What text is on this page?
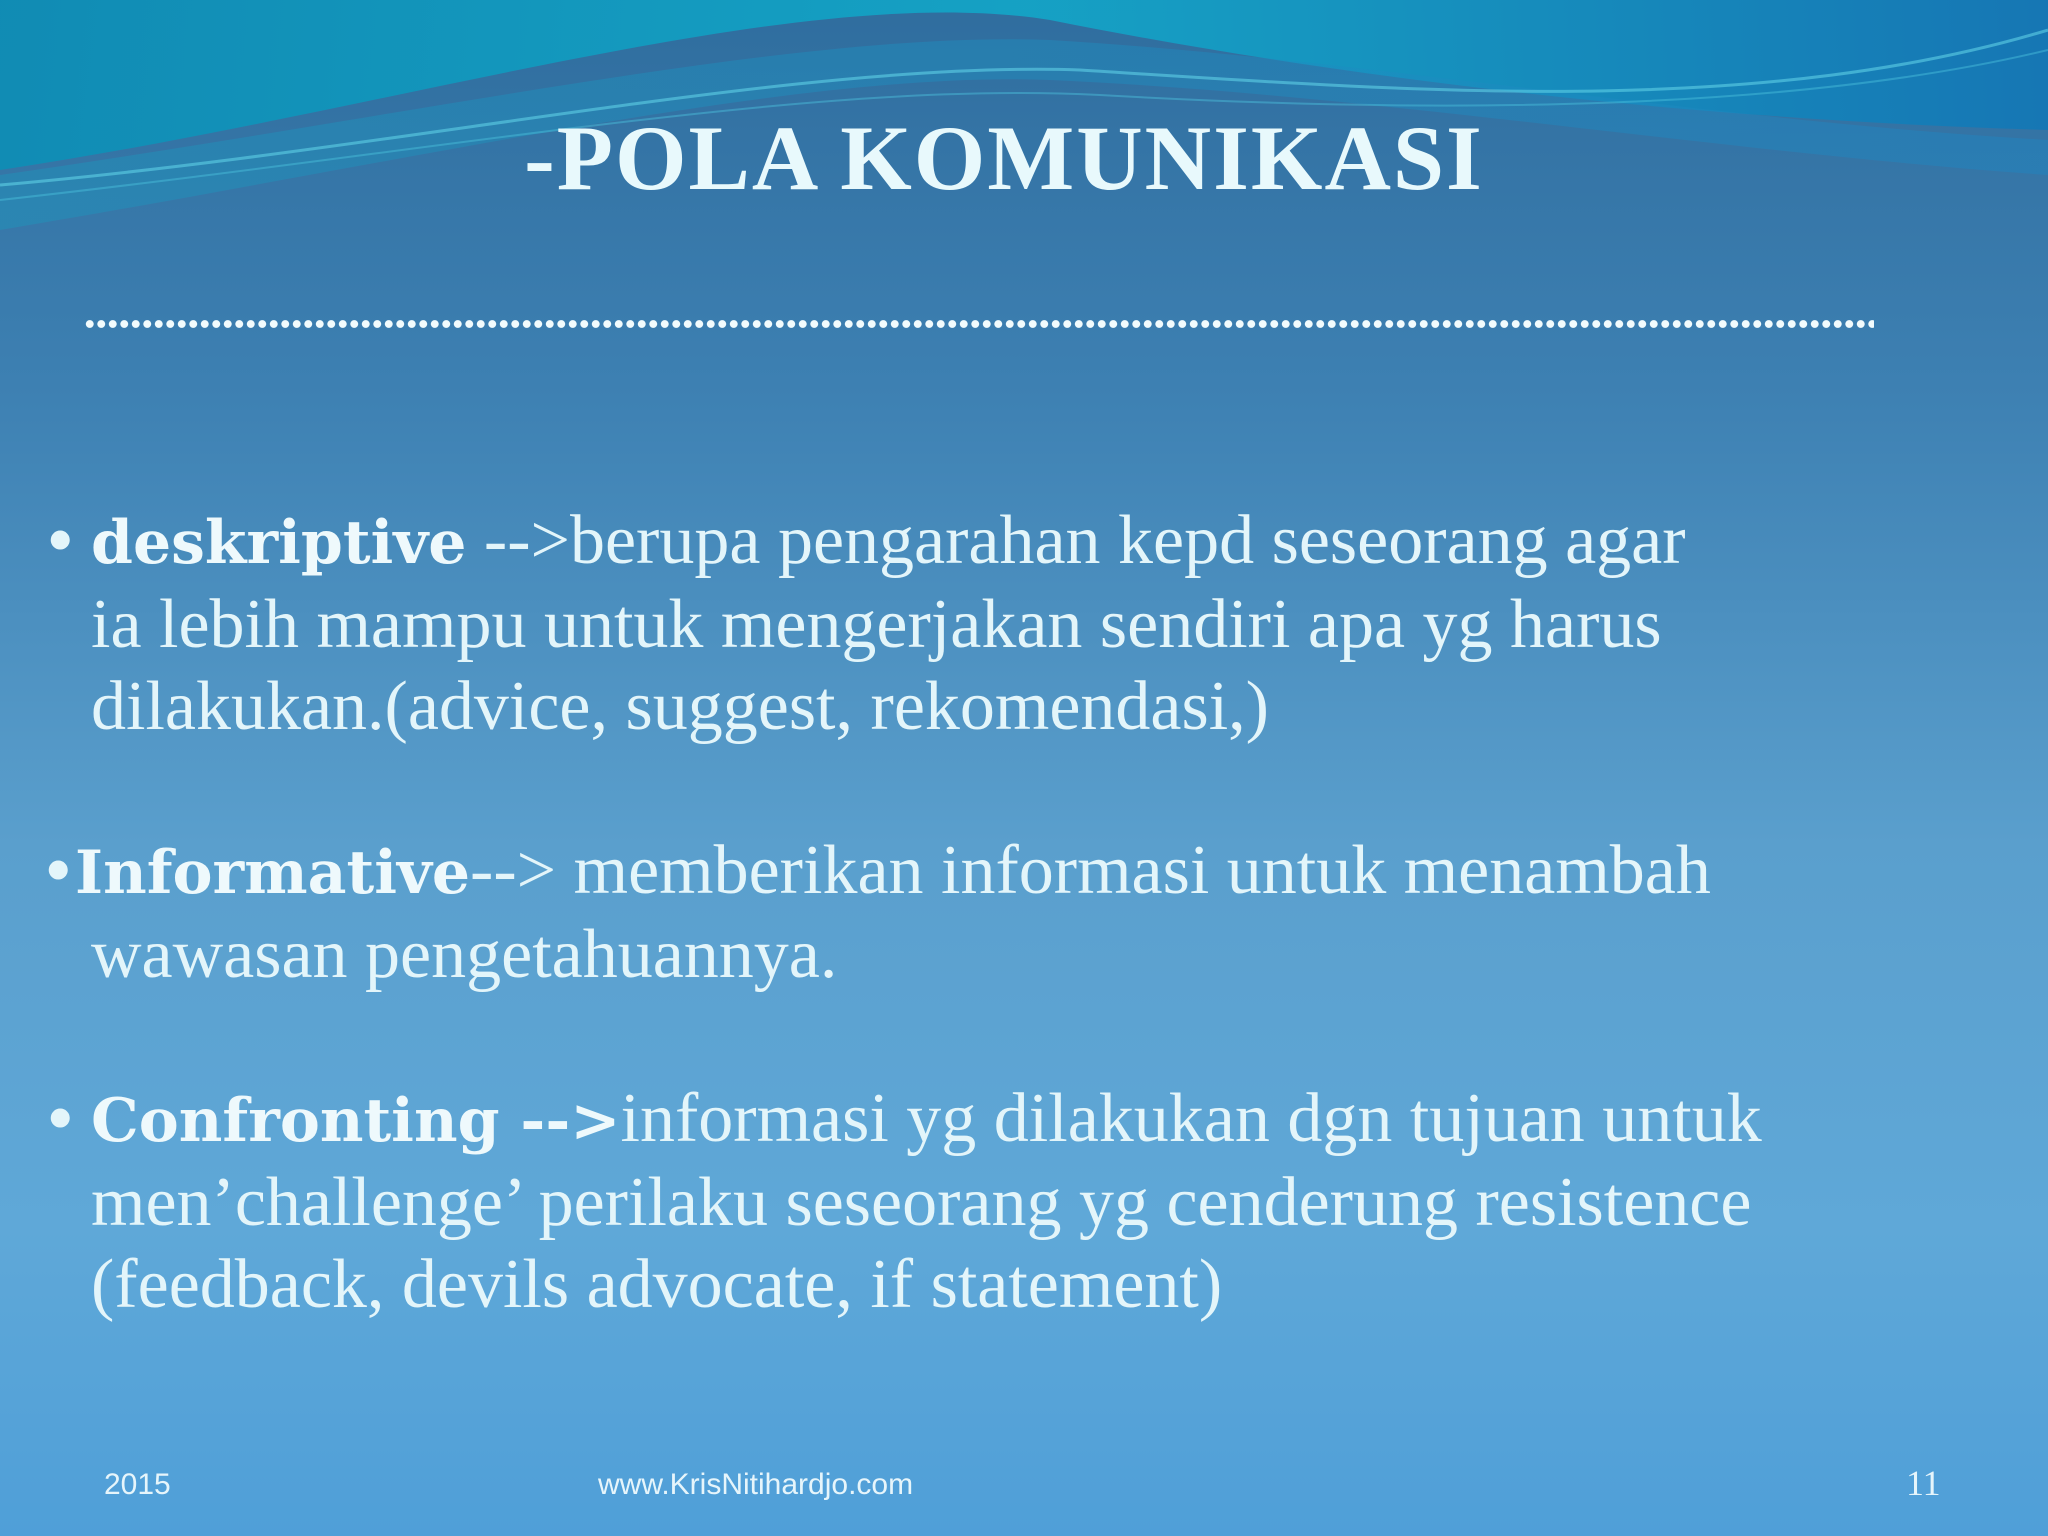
-POLA KOMUNIKASI
• deskriptive -->berupa pengarahan kepd seseorang agar
ia lebih mampu untuk mengerjakan sendiri apa yg harus
dilakukan.(advice, suggest, rekomendasi,)
• Informative--> memberikan informasi untuk menambah
wawasan pengetahuannya.
• Confronting -->informasi yg dilakukan dgn tujuan untuk
men’challenge’ perilaku seseorang yg cenderung resistence
(feedback, devils advocate, if statement)
2015	www.KrisNitihardjo.com	11
